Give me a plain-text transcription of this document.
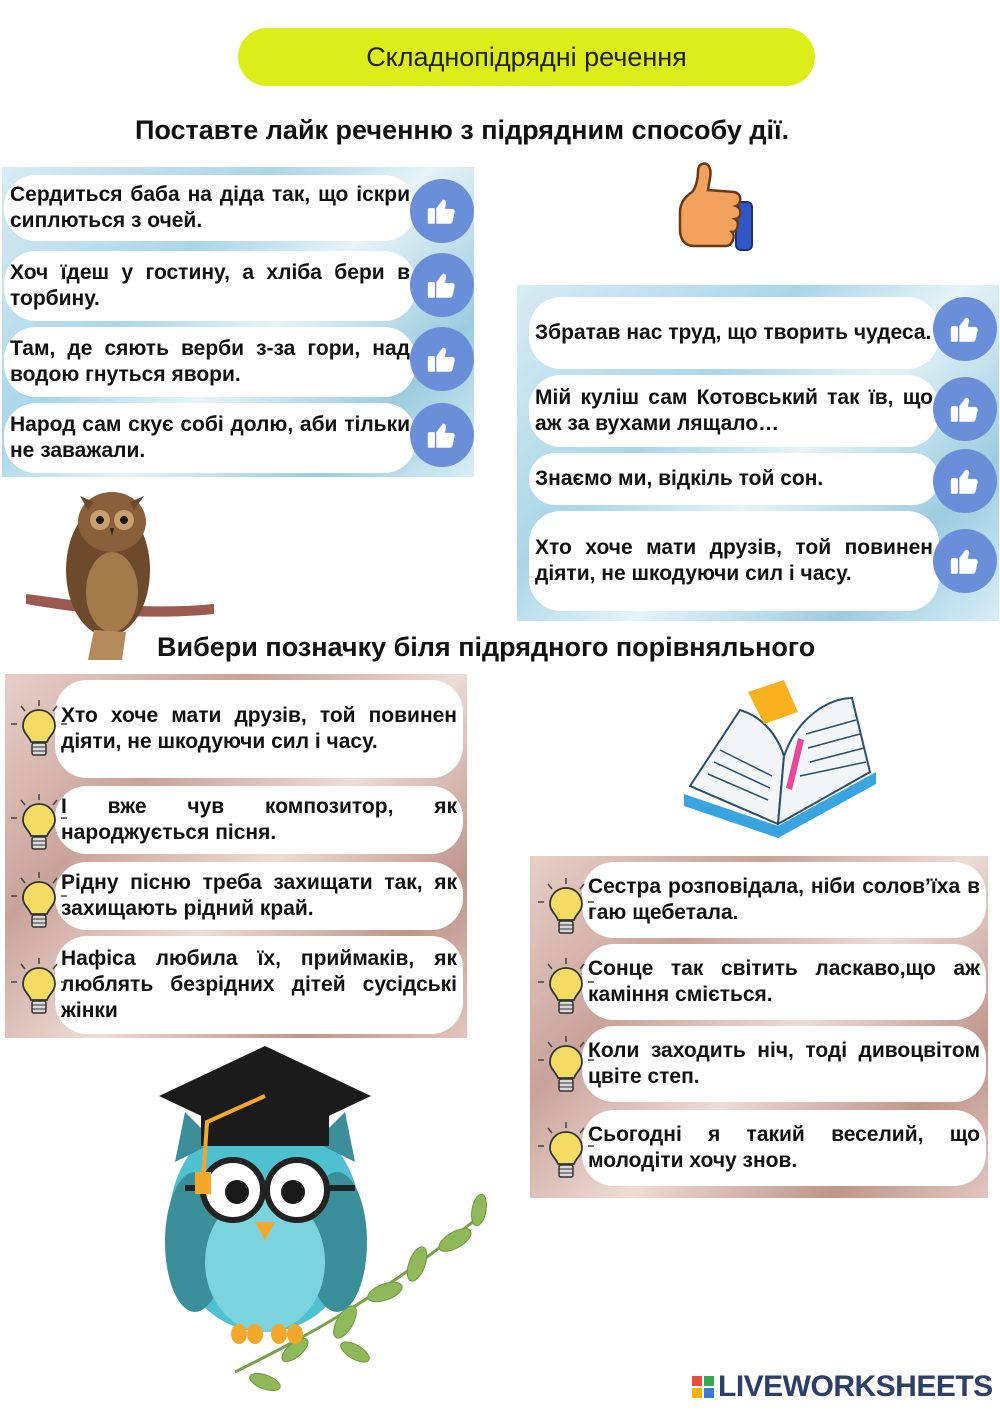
Складнопідрядні речення
Поставте лайк реченню з підрядним способу дії.
Сердиться баба на діда так, що іскри сиплються з очей.
Хоч їдеш у гостину, а хліба бери в торбину.
Там, де сяють верби з-за гори, над водою гнуться явори.
Народ сам скує собі долю, аби тільки не заважали.
Збратав нас труд, що творить чудеса.
Мій куліш сам Котовський так їв, що аж за вухами лящало…
Знаємо ми, відкіль той сон.
Хто хоче мати друзів, той повинен діяти, не шкодуючи сил і часу.
Вибери позначку біля підрядного порівняльного
Хто хоче мати друзів, той повинен діяти, не шкодуючи сил і часу.
І вже чув композитор, як народжується пісня.
Рідну пісню треба захищати так, як захищають рідний край.
Нафіса любила їх, приймаків, як люблять безрідних дітей сусідські жінки
Сестра розповідала, ніби солов’їха в гаю щебетала.
Сонце так світить ласкаво,що аж каміння сміється.
Коли заходить ніч, тоді дивоцвітом цвіте степ.
Сьогодні я такий веселий, що молодіти хочу знов.
LIVEWORKSHEETS
